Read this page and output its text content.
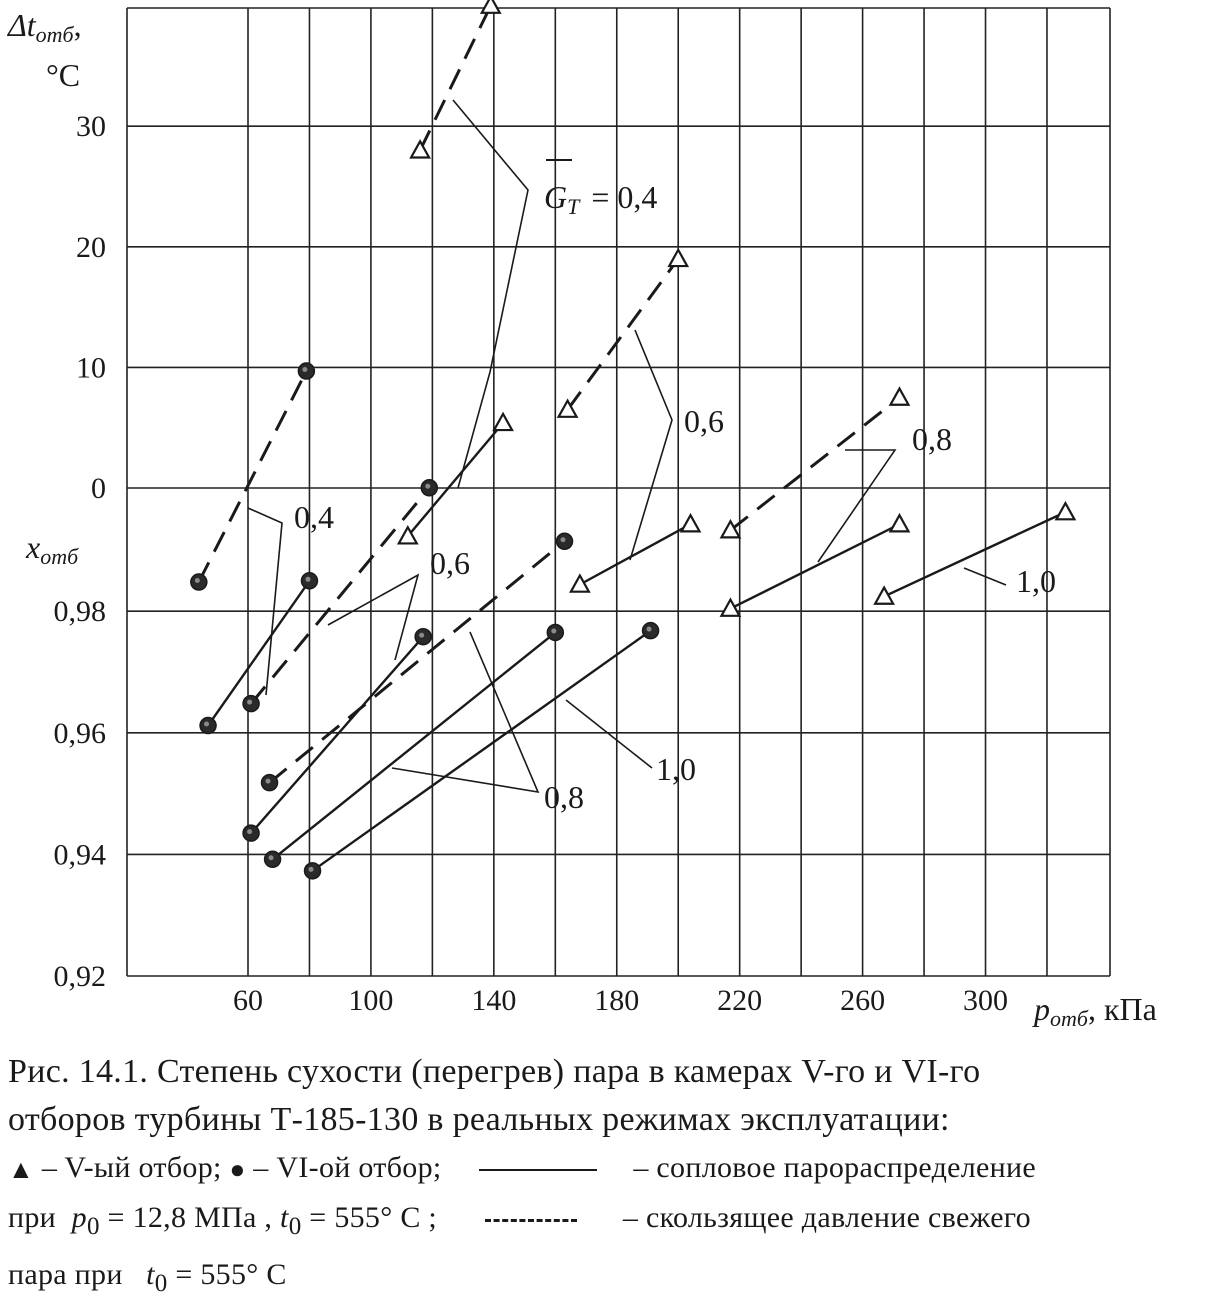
60	100	140	180	220	260	300
30
20
10
0
0,98
0,96
0,94
0,92
Δtотб,
°C
xотб
pотб, кПа
GT = 0,4
0,6	0,8
1,0
0,4
0,6
0,8
1,0
Рис. 14.1. Степень сухости (перегрев) пара в камерах V-го и VI-го
отборов турбины Т-185-130 в реальных режимах эксплуатации:
▲ – V-ый отбор; ● – VI-ой отбор;	– сопловое парораспределение
при $p_0 = 12,8$ МПа , $t_0 = 555^\circ$ С ;	– скользящее давление свежего
пара при $t_0 = 555^\circ$ С
